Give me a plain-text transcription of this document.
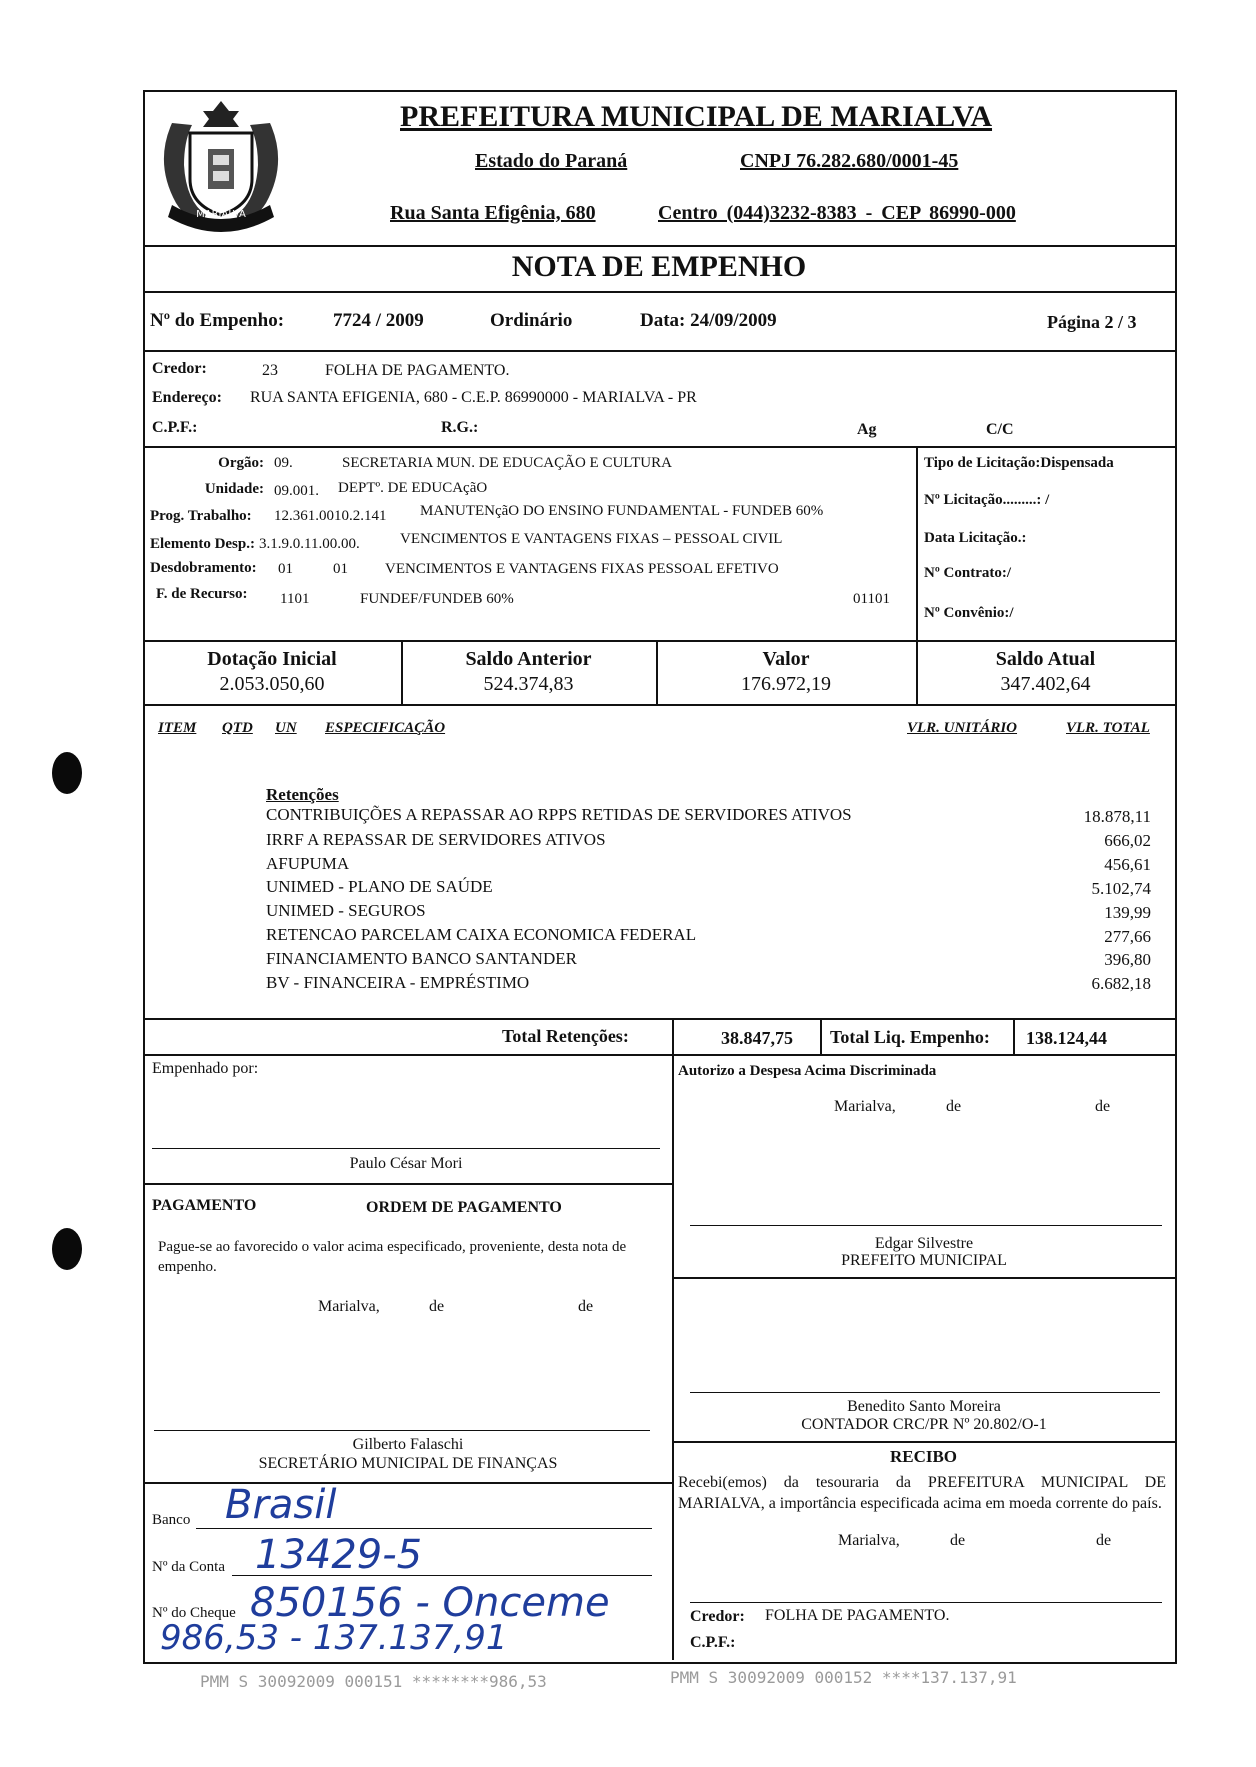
MARIALVA
PREFEITURA MUNICIPAL DE MARIALVA
Estado do Paraná	CNPJ 76.282.680/0001-45
Rua Santa Efigênia, 680	Centro (044)3232-8383 - CEP 86990-000
NOTA DE EMPENHO
Nº do Empenho:	7724 / 2009	Ordinário	Data: 24/09/2009	Página 2 / 3
Credor:	23	FOLHA DE PAGAMENTO.
Endereço: RUA SANTA EFIGENIA, 680 - C.E.P. 86990000 - MARIALVA - PR
C.P.F.:	R.G.:	Ag	C/C
Orgão: 09.	SECRETARIA MUN. DE EDUCAÇÃO E CULTURA
Unidade: 09.001. DEPTº. DE EDUCAçãO
Prog. Trabalho: 12.361.0010.2.141 MANUTENçãO DO ENSINO FUNDAMENTAL - FUNDEB 60%
Elemento Desp.: 3.1.9.0.11.00.00.	VENCIMENTOS E VANTAGENS FIXAS – PESSOAL CIVIL
Desdobramento: 01	01 VENCIMENTOS E VANTAGENS FIXAS PESSOAL EFETIVO
F. de Recurso: 1101	FUNDEF/FUNDEB 60%	01101
Tipo de Licitação:Dispensada
Nº Licitação.........: /
Data Licitação.:
Nº Contrato:/
Nº Convênio:/
Dotação Inicial
2.053.050,60
Saldo Anterior
524.374,83
Valor
176.972,19
Saldo Atual
347.402,64
ITEM QTD UN ESPECIFICAÇÃO	VLR. UNITÁRIO	VLR. TOTAL
Retenções
CONTRIBUIÇÕES A REPASSAR AO RPPS RETIDAS DE SERVIDORES ATIVOS	18.878,11
IRRF A REPASSAR DE SERVIDORES ATIVOS	666,02
AFUPUMA	456,61
UNIMED - PLANO DE SAÚDE	5.102,74
UNIMED - SEGUROS	139,99
RETENCAO PARCELAM CAIXA ECONOMICA FEDERAL	277,66
FINANCIAMENTO BANCO SANTANDER	396,80
BV - FINANCEIRA - EMPRÉSTIMO	6.682,18
Total Retenções:	38.847,75 Total Liq. Empenho: 138.124,44
Empenhado por:
Paulo César Mori
Autorizo a Despesa Acima Discriminada
Marialva,	de	de
Edgar Silvestre
PREFEITO MUNICIPAL
PAGAMENTO	ORDEM DE PAGAMENTO
Pague-se ao favorecido o valor acima especificado, proveniente, desta nota de empenho.
Marialva,	de	de
Gilberto Falaschi
SECRETÁRIO MUNICIPAL DE FINANÇAS
Benedito Santo Moreira
CONTADOR CRC/PR Nº 20.802/O-1
RECIBO
Recebi(emos) da tesouraria da PREFEITURA MUNICIPAL DE MARIALVA, a importância especificada acima em moeda corrente do país.
Marialva,	de	de
Credor: FOLHA DE PAGAMENTO.
C.P.F.:
Banco Brasil
Nº da Conta 13429-5
Nº do Cheque 850156 - Onceme
986,53 - 137.137,91
PMM S 30092009 000151 ********986,53	PMM S 30092009 000152 ****137.137,91
